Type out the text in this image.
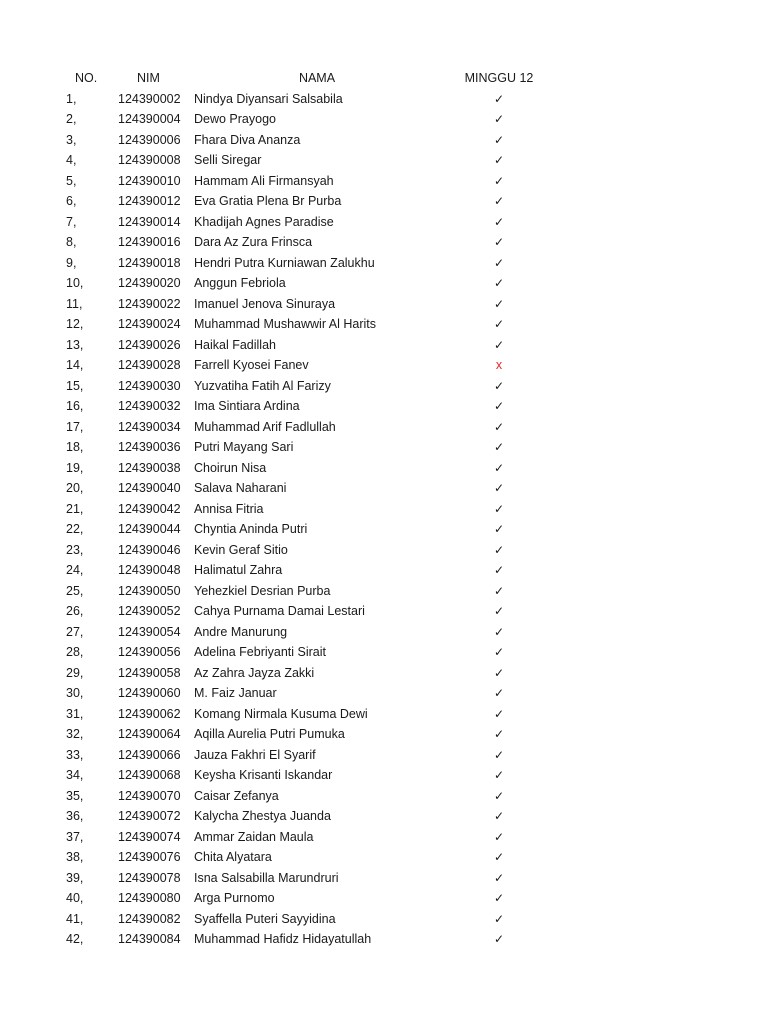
NO.	NIM	NAMA	MINGGU 12
1,	124390002	Nindya Diyansari Salsabila	✓
2,	124390004	Dewo Prayogo	✓
3,	124390006	Fhara Diva Ananza	✓
4,	124390008	Selli Siregar	✓
5,	124390010	Hammam Ali Firmansyah	✓
6,	124390012	Eva Gratia Plena Br Purba	✓
7,	124390014	Khadijah Agnes Paradise	✓
8,	124390016	Dara Az Zura Frinsca	✓
9,	124390018	Hendri Putra Kurniawan Zalukhu	✓
10,	124390020	Anggun Febriola	✓
11,	124390022	Imanuel Jenova Sinuraya	✓
12,	124390024	Muhammad Mushawwir Al Harits	✓
13,	124390026	Haikal Fadillah	✓
14,	124390028	Farrell Kyosei Fanev	x
15,	124390030	Yuzvatiha Fatih Al Farizy	✓
16,	124390032	Ima Sintiara Ardina	✓
17,	124390034	Muhammad Arif Fadlullah	✓
18,	124390036	Putri Mayang Sari	✓
19,	124390038	Choirun Nisa	✓
20,	124390040	Salava Naharani	✓
21,	124390042	Annisa Fitria	✓
22,	124390044	Chyntia Aninda Putri	✓
23,	124390046	Kevin Geraf Sitio	✓
24,	124390048	Halimatul Zahra	✓
25,	124390050	Yehezkiel Desrian Purba	✓
26,	124390052	Cahya Purnama Damai Lestari	✓
27,	124390054	Andre Manurung	✓
28,	124390056	Adelina Febriyanti Sirait	✓
29,	124390058	Az Zahra Jayza Zakki	✓
30,	124390060	M. Faiz Januar	✓
31,	124390062	Komang Nirmala Kusuma Dewi	✓
32,	124390064	Aqilla Aurelia Putri Pumuka	✓
33,	124390066	Jauza Fakhri El Syarif	✓
34,	124390068	Keysha Krisanti Iskandar	✓
35,	124390070	Caisar Zefanya	✓
36,	124390072	Kalycha Zhestya Juanda	✓
37,	124390074	Ammar Zaidan Maula	✓
38,	124390076	Chita Alyatara	✓
39,	124390078	Isna Salsabilla Marundruri	✓
40,	124390080	Arga Purnomo	✓
41,	124390082	Syaffella Puteri Sayyidina	✓
42,	124390084	Muhammad Hafidz Hidayatullah	✓
